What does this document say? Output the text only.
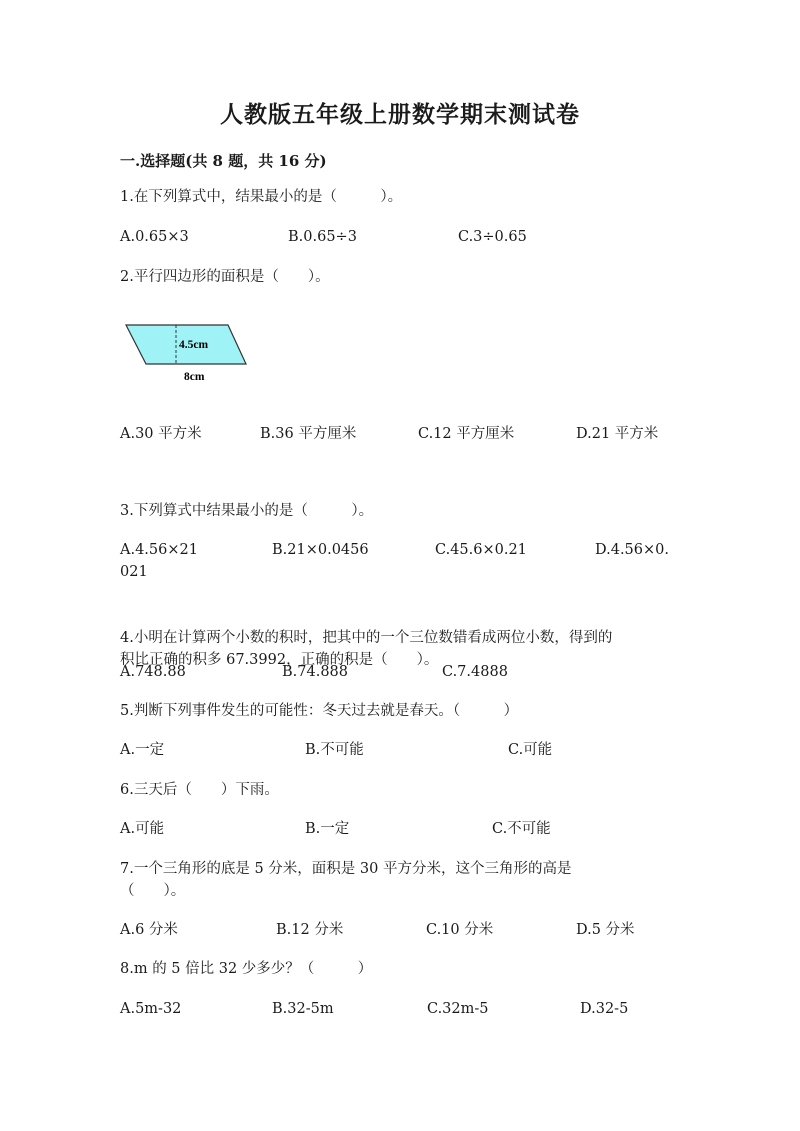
人教版五年级上册数学期末测试卷
一.选择题(共 8 题，共 16 分)
1.在下列算式中，结果最小的是（　　　）。
A.0.65×3	B.0.65÷3	C.3÷0.65
2.平行四边形的面积是（　　）。
4.5cm
8cm
A.30 平方米	B.36 平方厘米	C.12 平方厘米	D.21 平方米
3.下列算式中结果最小的是（　　　）。
A.4.56×21	B.21×0.0456	C.45.6×0.21	D.4.56×0.
021
4.小明在计算两个小数的积时，把其中的一个三位数错看成两位小数，得到的
积比正确的积多 67.3992，正确的积是（　　）。
A.748.88	B.74.888	C.7.4888
5.判断下列事件发生的可能性：冬天过去就是春天。（　　　）
A.一定	B.不可能	C.可能
6.三天后（　　）下雨。
A.可能	B.一定	C.不可能
7.一个三角形的底是 5 分米，面积是 30 平方分米，这个三角形的高是
（　　）。
A.6 分米	B.12 分米	C.10 分米	D.5 分米
8.m 的 5 倍比 32 少多少？（　　　）
A.5m-32	B.32-5m	C.32m-5	D.32-5
